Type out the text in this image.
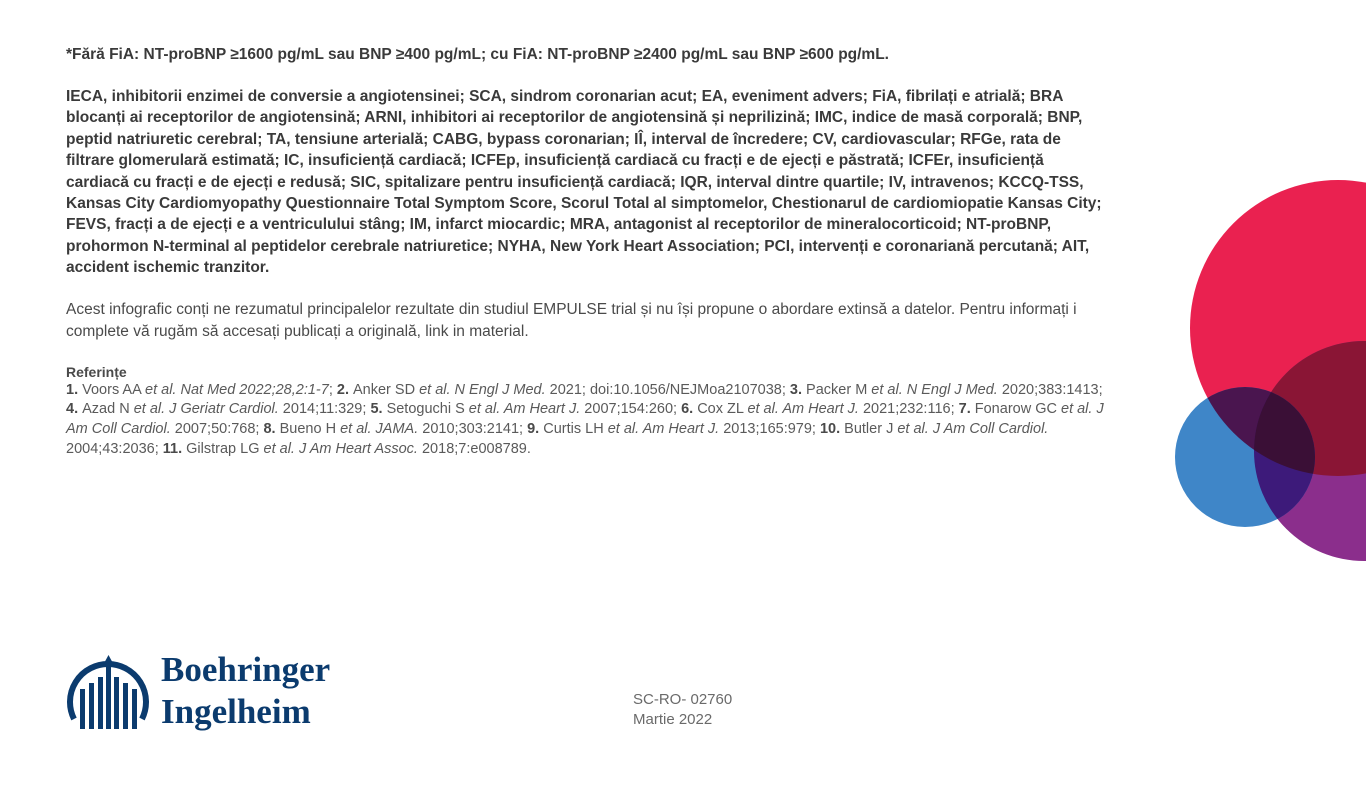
*Fără FiA: NT-proBNP ≥1600 pg/mL sau BNP ≥400 pg/mL; cu FiA: NT-proBNP ≥2400 pg/mL sau BNP ≥600 pg/mL.

IECA, inhibitorii enzimei de conversie a angiotensinei; SCA, sindrom coronarian acut; EA, eveniment advers; FiA, fibrilați e atrială; BRA blocanți ai receptorilor de angiotensină; ARNI, inhibitori ai receptorilor de angiotensină și neprilizină; IMC, indice de masă corporală; BNP, peptid natriuretic cerebral; TA, tensiune arterială; CABG, bypass coronarian; IÎ, interval de încredere; CV, cardiovascular; RFGe, rata de filtrare glomerulară estimată; IC, insuficiență cardiacă; ICFEp, insuficiență cardiacă cu fracți e de ejecți e păstrată; ICFEr, insuficiență cardiacă cu fracți e de ejecți e redusă; SIC, spitalizare pentru insuficiență cardiacă; IQR, interval dintre quartile; IV, intravenos; KCCQ-TSS, Kansas City Cardiomyopathy Questionnaire Total Symptom Score, Scorul Total al simptomelor, Chestionarul de cardiomiopatie Kansas City; FEVS, fracți a de ejecți e a ventriculului stâng; IM, infarct miocardic; MRA, antagonist al receptorilor de mineralocorticoid; NT-proBNP, prohormon N-terminal al peptidelor cerebrale natriuretice; NYHA, New York Heart Association; PCI, intervenți e coronariană percutană; AIT, accident ischemic tranzitor.

Acest infografic conți ne rezumatul principalelor rezultate din studiul EMPULSE trial și nu își propune o abordare extinsă a datelor. Pentru informați i complete vă rugăm să accesați publicați a originală, link in material.

Referințe

1. Voors AA et al. Nat Med 2022;28,2:1-7; 2. Anker SD et al. N Engl J Med. 2021; doi:10.1056/NEJMoa2107038; 3. Packer M et al. N Engl J Med. 2020;383:1413; 4. Azad N et al. J Geriatr Cardiol. 2014;11:329; 5. Setoguchi S et al. Am Heart J. 2007;154:260; 6. Cox ZL et al. Am Heart J. 2021;232:116; 7. Fonarow GC et al. J Am Coll Cardiol. 2007;50:768; 8. Bueno H et al. JAMA. 2010;303:2141; 9. Curtis LH et al. Am Heart J. 2013;165:979; 10. Butler J et al. J Am Coll Cardiol. 2004;43:2036; 11. Gilstrap LG et al. J Am Heart Assoc. 2018;7:e008789.

Boehringer
Ingelheim	SC-RO- 02760
Martie 2022
